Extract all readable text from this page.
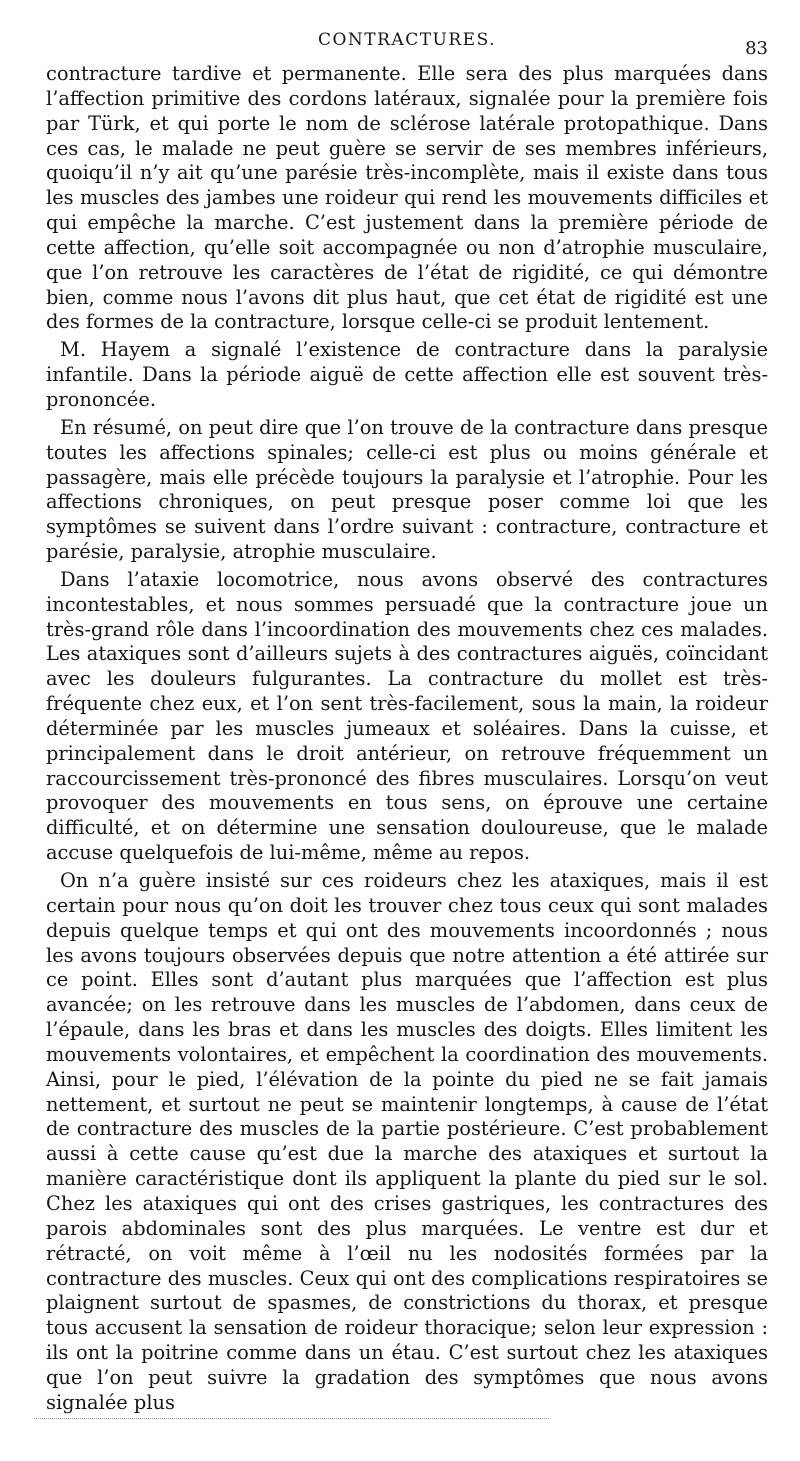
CONTRACTURES.	83

contracture tardive et permanente. Elle sera des plus marquées dans l’affection primitive des cordons latéraux, signalée pour la première fois par Türk, et qui porte le nom de sclérose latérale protopathique. Dans ces cas, le malade ne peut guère se servir de ses membres inférieurs, quoiqu’il n’y ait qu’une parésie très-incomplète, mais il existe dans tous les muscles des jambes une roideur qui rend les mouvements difficiles et qui empêche la marche. C’est justement dans la première période de cette affection, qu’elle soit accompagnée ou non d’atrophie musculaire, que l’on retrouve les caractères de l’état de rigidité, ce qui démontre bien, comme nous l’avons dit plus haut, que cet état de rigidité est une des formes de la contracture, lorsque celle-ci se produit lentement.

M. Hayem a signalé l’existence de contracture dans la paralysie infantile. Dans la période aiguë de cette affection elle est souvent très-prononcée.

En résumé, on peut dire que l’on trouve de la contracture dans presque toutes les affections spinales; celle-ci est plus ou moins générale et passagère, mais elle précède toujours la paralysie et l’atrophie. Pour les affections chroniques, on peut presque poser comme loi que les symptômes se suivent dans l’ordre suivant : contracture, contracture et parésie, paralysie, atrophie musculaire.

Dans l’ataxie locomotrice, nous avons observé des contractures incontestables, et nous sommes persuadé que la contracture joue un très-grand rôle dans l’incoordination des mouvements chez ces malades. Les ataxiques sont d’ailleurs sujets à des contractures aiguës, coïncidant avec les douleurs fulgurantes. La contracture du mollet est très-fréquente chez eux, et l’on sent très-facilement, sous la main, la roideur déterminée par les muscles jumeaux et soléaires. Dans la cuisse, et principalement dans le droit antérieur, on retrouve fréquemment un raccourcissement très-prononcé des fibres musculaires. Lorsqu’on veut provoquer des mouvements en tous sens, on éprouve une certaine difficulté, et on détermine une sensation douloureuse, que le malade accuse quelquefois de lui-même, même au repos.

On n’a guère insisté sur ces roideurs chez les ataxiques, mais il est certain pour nous qu’on doit les trouver chez tous ceux qui sont malades depuis quelque temps et qui ont des mouvements incoordonnés ; nous les avons toujours observées depuis que notre attention a été attirée sur ce point. Elles sont d’autant plus marquées que l’affection est plus avancée; on les retrouve dans les muscles de l’abdomen, dans ceux de l’épaule, dans les bras et dans les muscles des doigts. Elles limitent les mouvements volontaires, et empêchent la coordination des mouvements. Ainsi, pour le pied, l’élévation de la pointe du pied ne se fait jamais nettement, et surtout ne peut se maintenir longtemps, à cause de l’état de contracture des muscles de la partie postérieure. C’est probablement aussi à cette cause qu’est due la marche des ataxiques et surtout la manière caractéristique dont ils appliquent la plante du pied sur le sol. Chez les ataxiques qui ont des crises gastriques, les contractures des parois abdominales sont des plus marquées. Le ventre est dur et rétracté, on voit même à l’œil nu les nodosités formées par la contracture des muscles. Ceux qui ont des complications respiratoires se plaignent surtout de spasmes, de constrictions du thorax, et presque tous accusent la sensation de roideur thoracique; selon leur expression : ils ont la poitrine comme dans un étau. C’est surtout chez les ataxiques que l’on peut suivre la gradation des symptômes que nous avons signalée plus
